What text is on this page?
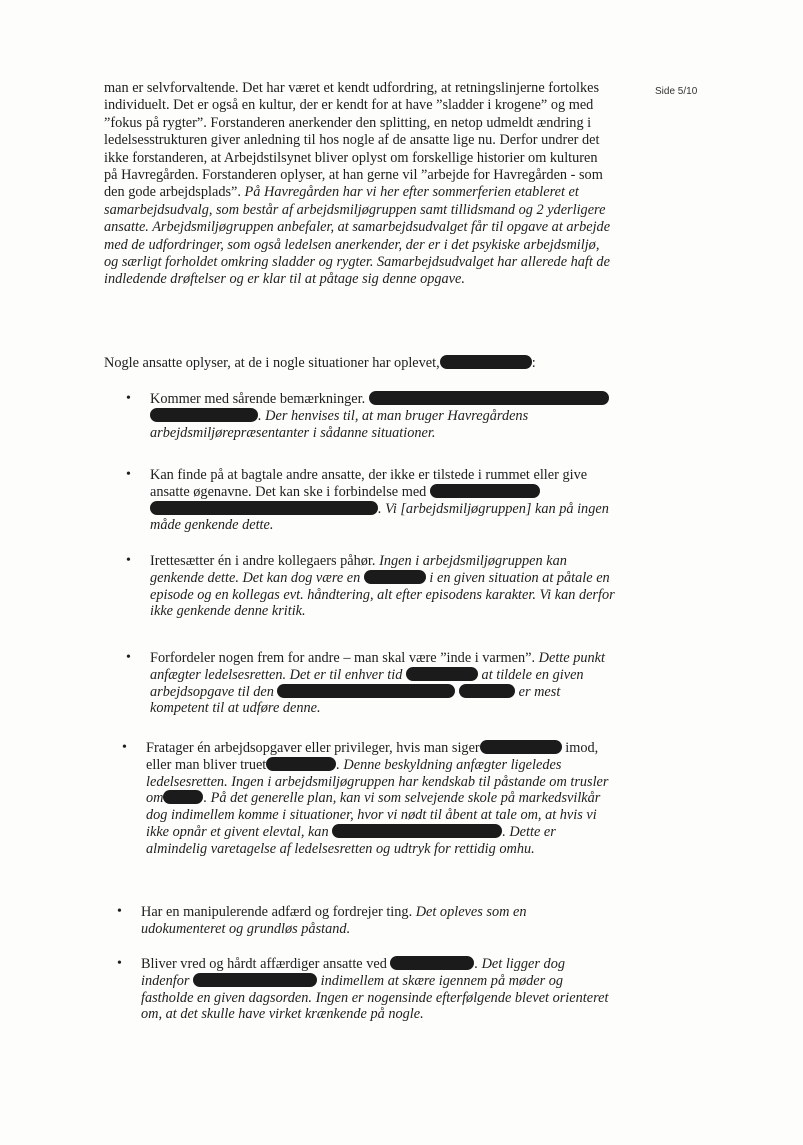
Side 5/10
man er selvforvaltende. Det har været et kendt udfordring, at retningslinjerne fortolkes individuelt. Det er også en kultur, der er kendt for at have ”sladder i krogene” og med ”fokus på rygter”. Forstanderen anerkender den splitting, en netop udmeldt ændring i ledelsesstrukturen giver anledning til hos nogle af de ansatte lige nu. Derfor undrer det ikke forstanderen, at Arbejdstilsynet bliver oplyst om forskellige historier om kulturen på Havregården. Forstanderen oplyser, at han gerne vil ”arbejde for Havregården - som den gode arbejdsplads”. På Havregården har vi her efter sommerferien etableret et samarbejdsudvalg, som består af arbejdsmiljøgruppen samt tillidsmand og 2 yderligere ansatte. Arbejdsmiljøgruppen anbefaler, at samarbejdsudvalget får til opgave at arbejde med de udfordringer, som også ledelsen anerkender, der er i det psykiske arbejdsmiljø, og særligt forholdet omkring sladder og rygter. Samarbejdsudvalget har allerede haft de indledende drøftelser og er klar til at påtage sig denne opgave.
Nogle ansatte oplyser, at de i nogle situationer har oplevet,	:
• Kommer med sårende bemærkninger.  . Der henvises til, at man bruger Havregårdens arbejdsmiljørepræsentanter i sådanne situationer.
• Kan finde på at bagtale andre ansatte, der ikke er tilstede i rummet eller give ansatte øgenavne. Det kan ske i forbindelse med  . Vi [arbejdsmiljøgruppen] kan på ingen måde genkende dette.
• Irettesætter én i andre kollegaers påhør. Ingen i arbejdsmiljøgruppen kan genkende dette. Det kan dog være en	i en given situation at påtale en episode og en kollegas evt. håndtering, alt efter episodens karakter. Vi kan derfor ikke genkende denne kritik.
• Forfordeler nogen frem for andre – man skal være ”inde i varmen”. Dette punkt anfægter ledelsesretten. Det er til enhver tid	at tildele en given arbejdsopgave til den	er mest kompetent til at udføre denne.
• Fratager én arbejdsopgaver eller privileger, hvis man siger	imod, eller man bliver truet	. Denne beskyldning anfægter ligeledes ledelsesretten. Ingen i arbejdsmiljøgruppen har kendskab til påstande om trusler om	. På det generelle plan, kan vi som selvejende skole på markedsvilkår dog indimellem komme i situationer, hvor vi nødt til åbent at tale om, at hvis vi ikke opnår et givent elevtal, kan	. Dette er almindelig varetagelse af ledelsesretten og udtryk for rettidig omhu.
• Har en manipulerende adfærd og fordrejer ting. Det opleves som en udokumenteret og grundløs påstand.
• Bliver vred og hårdt affærdiger ansatte ved	. Det ligger dog indenfor	indimellem at skære igennem på møder og fastholde en given dagsorden. Ingen er nogensinde efterfølgende blevet orienteret om, at det skulle have virket krænkende på nogle.
